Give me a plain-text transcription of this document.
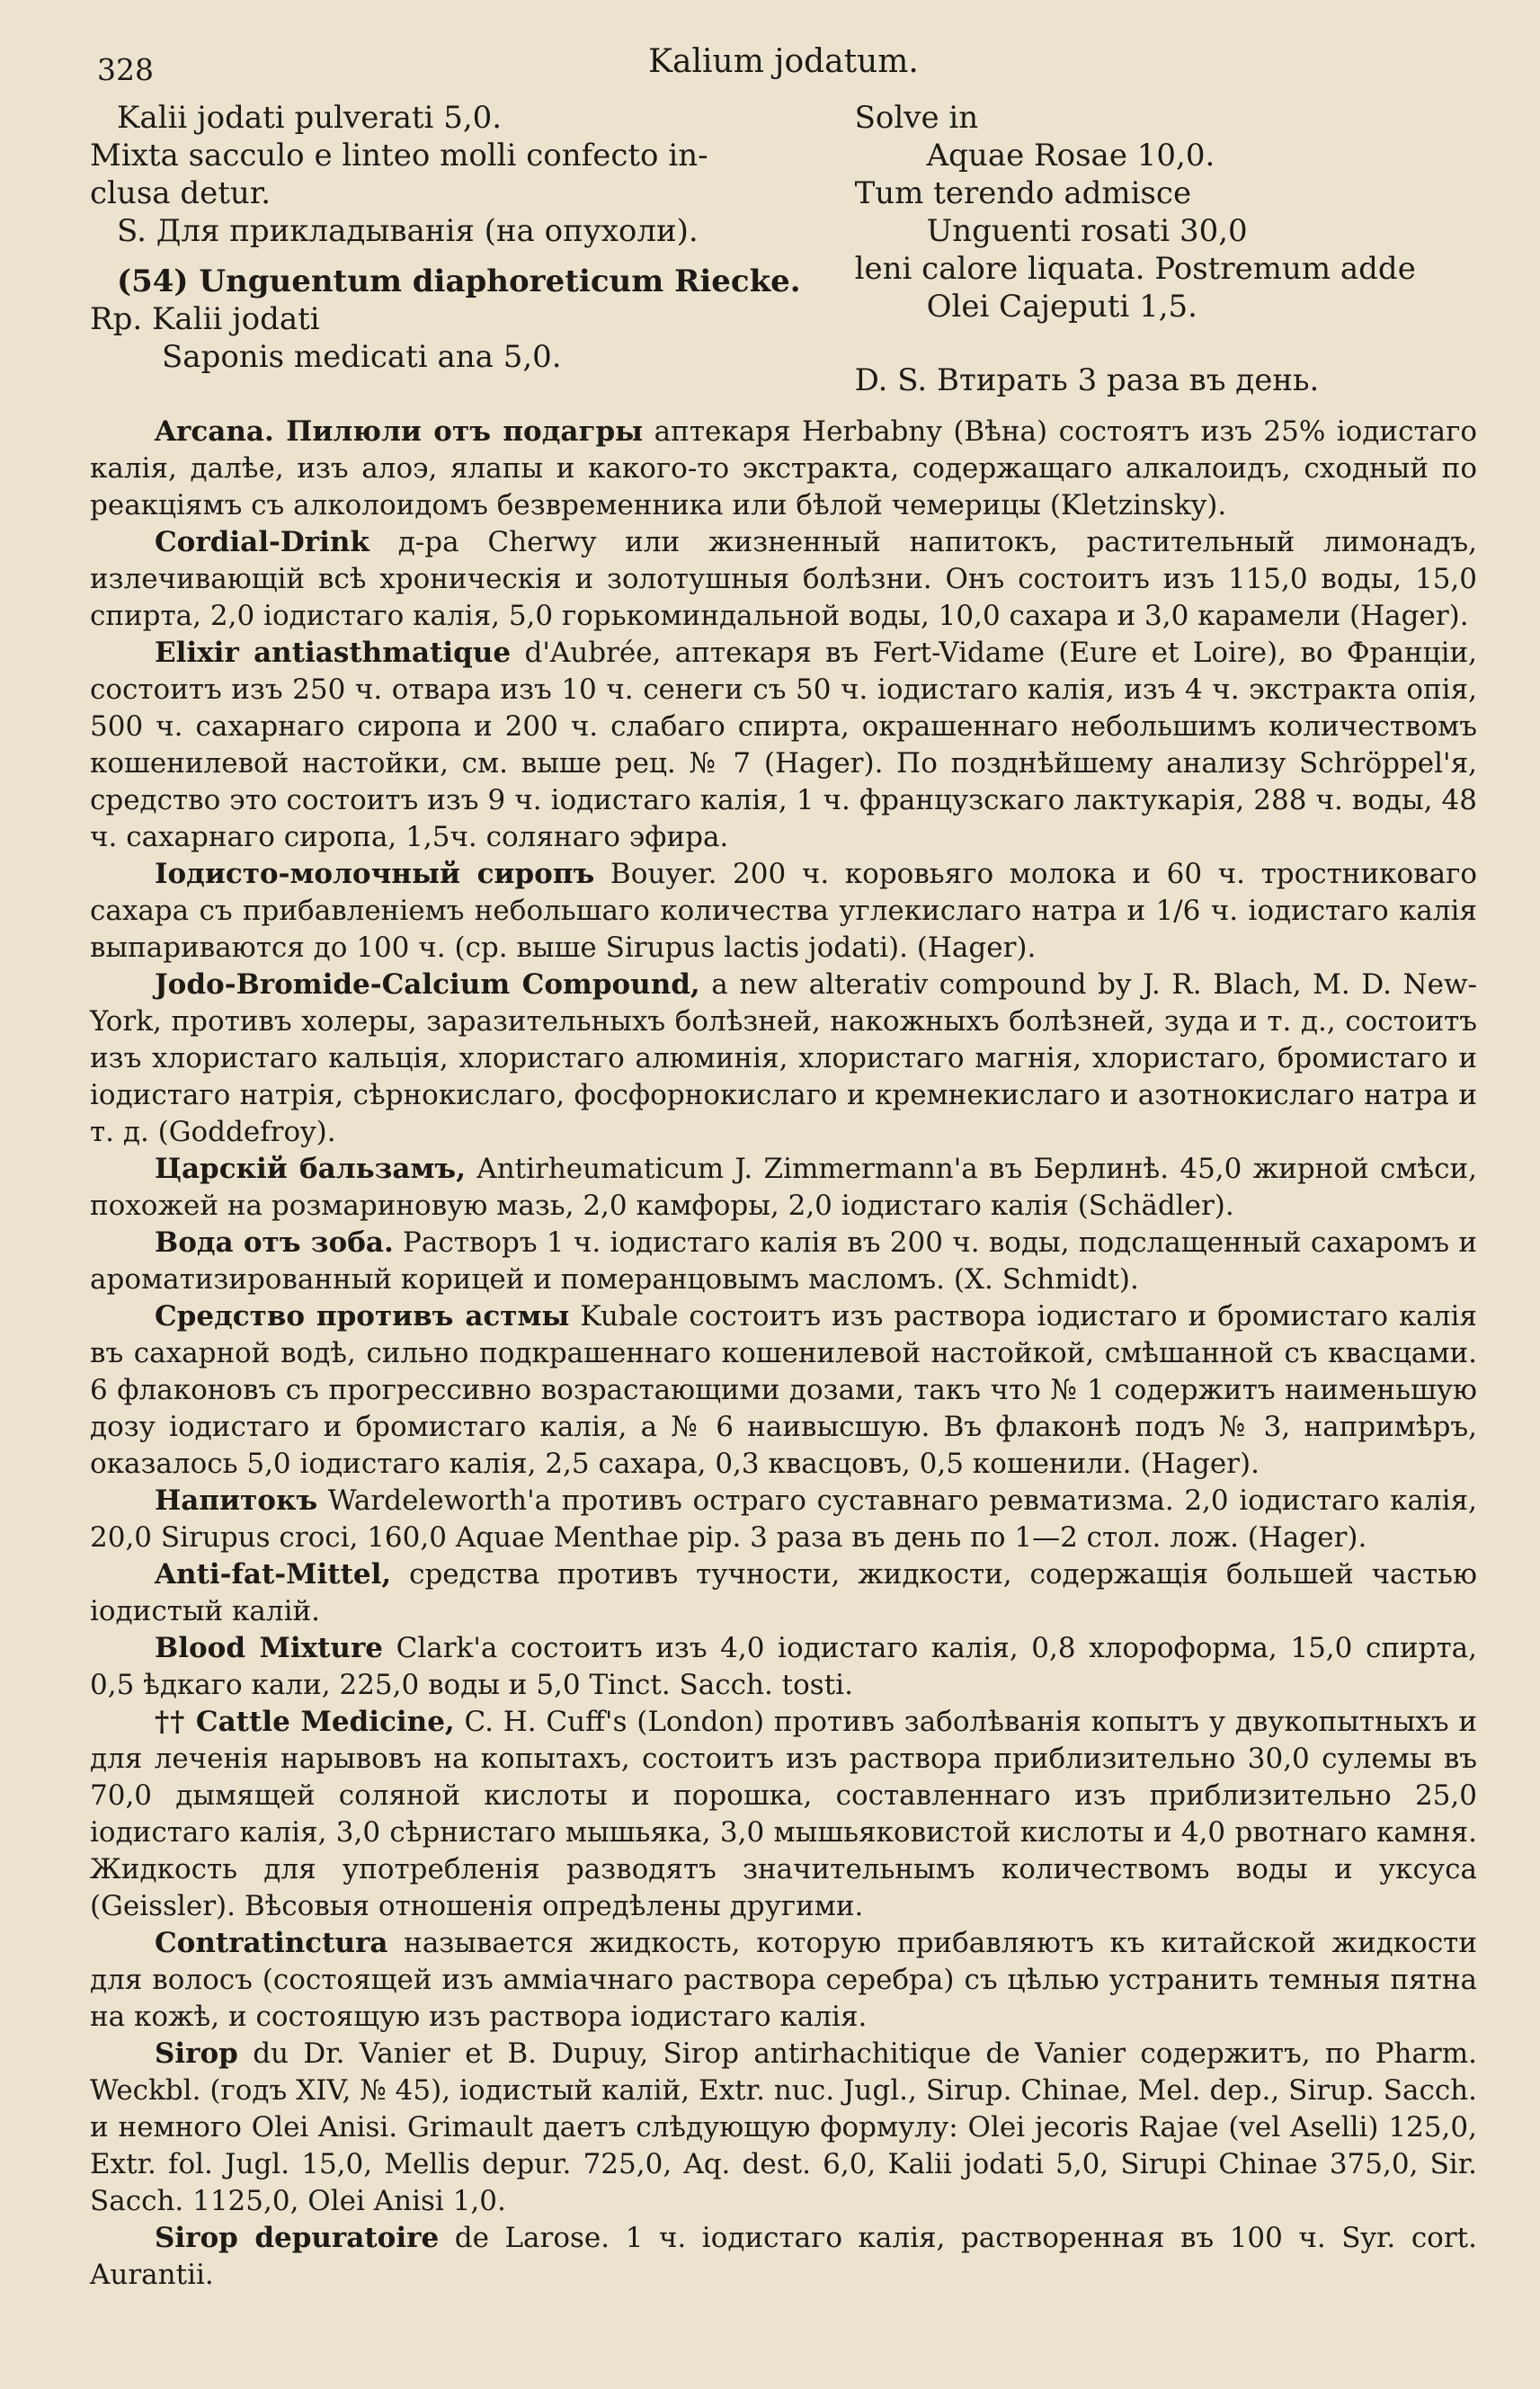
328	Kalium jodatum.
Kalii jodati pulverati 5,0.
Mixta sacculo e linteo molli confecto in-
clusa detur.
S. Для прикладыванія (на опухоли).
(54) Unguentum diaphoreticum Riecke.
Rp. Kalii jodati
Saponis medicati ana 5,0.
Solve in
Aquae Rosae 10,0.
Tum terendo admisce
Unguenti rosati 30,0
leni calore liquata. Postremum adde
Olei Cajeputi 1,5.
D. S. Втирать 3 раза въ день.

Arcana. Пилюли отъ подагры аптекаря Herbabny (Вѣна) состоятъ изъ 25% іодистаго калія, далѣе, изъ алоэ, ялапы и какого-то экстракта, содержащаго алкалоидъ, сходный по реакціямъ съ алколоидомъ безвременника или бѣлой чемерицы (Kletzinsky).

Cordial-Drink д-ра Cherwy или жизненный напитокъ, растительный лимонадъ, излечивающій всѣ хроническія и золотушныя болѣзни. Онъ состоитъ изъ 115,0 воды, 15,0 спирта, 2,0 іодистаго калія, 5,0 горькоминдальной воды, 10,0 сахара и 3,0 карамели (Hager).

Elixir antiasthmatique d'Aubrée, аптекаря въ Fert-Vidame (Eure et Loire), во Франціи, состоитъ изъ 250 ч. отвара изъ 10 ч. сенеги съ 50 ч. іодистаго калія, изъ 4 ч. экстракта опія, 500 ч. сахарнаго сиропа и 200 ч. слабаго спирта, окрашеннаго небольшимъ количествомъ кошенилевой настойки, см. выше рец. № 7 (Hager). По позднѣйшему анализу Schröppel'я, средство это состоитъ изъ 9 ч. іодистаго калія, 1 ч. французскаго лактукарія, 288 ч. воды, 48 ч. сахарнаго сиропа, 1,5ч. солянаго эфира.

Іодисто-молочный сиропъ Bouyer. 200 ч. коровьяго молока и 60 ч. тростниковаго сахара съ прибавленіемъ небольшаго количества углекислаго натра и 1/6 ч. іодистаго калія выпариваются до 100 ч. (ср. выше Sirupus lactis jodati). (Hager).

Jodo-Bromide-Calcium Compound, a new alterativ compound by J. R. Blach, M. D. New-York, противъ холеры, заразительныхъ болѣзней, накожныхъ болѣзней, зуда и т. д., состоитъ изъ хлористаго кальція, хлористаго алюминія, хлористаго магнія, хлористаго, бромистаго и іодистаго натрія, сѣрнокислаго, фосфорнокислаго и кремнекислаго и азотнокислаго натра и т. д. (Goddefroy).

Царскій бальзамъ, Antirheumaticum J. Zimmermann'a въ Берлинѣ. 45,0 жирной смѣси, похожей на розмариновую мазь, 2,0 камфоры, 2,0 іодистаго калія (Schädler).

Вода отъ зоба. Растворъ 1 ч. іодистаго калія въ 200 ч. воды, подслащенный сахаромъ и ароматизированный корицей и померанцовымъ масломъ. (X. Schmidt).

Средство противъ астмы Kubale состоитъ изъ раствора іодистаго и бромистаго калія въ сахарной водѣ, сильно подкрашеннаго кошенилевой настойкой, смѣшанной съ квасцами. 6 флаконовъ съ прогрессивно возрастающими дозами, такъ что № 1 содержитъ наименьшую дозу іодистаго и бромистаго калія, а № 6 наивысшую. Въ флаконѣ подъ № 3, напримѣръ, оказалось 5,0 іодистаго калія, 2,5 сахара, 0,3 квасцовъ, 0,5 кошенили. (Hager).

Напитокъ Wardeleworth'a противъ остраго суставнаго ревматизма. 2,0 іодистаго калія, 20,0 Sirupus croci, 160,0 Aquae Menthae pip. 3 раза въ день по 1—2 стол. лож. (Hager).

Anti-fat-Mittel, средства противъ тучности, жидкости, содержащія большей частью іодистый калій.

Blood Mixture Clark'a состоитъ изъ 4,0 іодистаго калія, 0,8 хлороформа, 15,0 спирта, 0,5 ѣдкаго кали, 225,0 воды и 5,0 Tinct. Sacch. tosti.

†† Cattle Medicine, C. H. Cuff's (London) противъ заболѣванія копытъ у двукопытныхъ и для леченія нарывовъ на копытахъ, состоитъ изъ раствора приблизительно 30,0 сулемы въ 70,0 дымящей соляной кислоты и порошка, составленнаго изъ приблизительно 25,0 іодистаго калія, 3,0 сѣрнистаго мышьяка, 3,0 мышьяковистой кислоты и 4,0 рвотнаго камня. Жидкость для употребленія разводятъ значительнымъ количествомъ воды и уксуса (Geissler). Вѣсовыя отношенія опредѣлены другими.

Contratinctura называется жидкость, которую прибавляютъ къ китайской жидкости для волосъ (состоящей изъ аммiачнаго раствора серебра) съ цѣлью устранить темныя пятна на кожѣ, и состоящую изъ раствора іодистаго калія.

Sirop du Dr. Vanier et B. Dupuy, Sirop antirhachitique de Vanier содержитъ, по Pharm. Weckbl. (годъ XIV, № 45), іодистый калій, Extr. nuc. Jugl., Sirup. Chinae, Mel. dep., Sirup. Sacch. и немного Olei Anisi. Grimault даетъ слѣдующую формулу: Olei jecoris Rajae (vel Aselli) 125,0, Extr. fol. Jugl. 15,0, Mellis depur. 725,0, Aq. dest. 6,0, Kalii jodati 5,0, Sirupi Chinae 375,0, Sir. Sacch. 1125,0, Olei Anisi 1,0.

Sirop depuratoire de Larose. 1 ч. іодистаго калія, растворенная въ 100 ч. Syr. cort. Aurantii.
